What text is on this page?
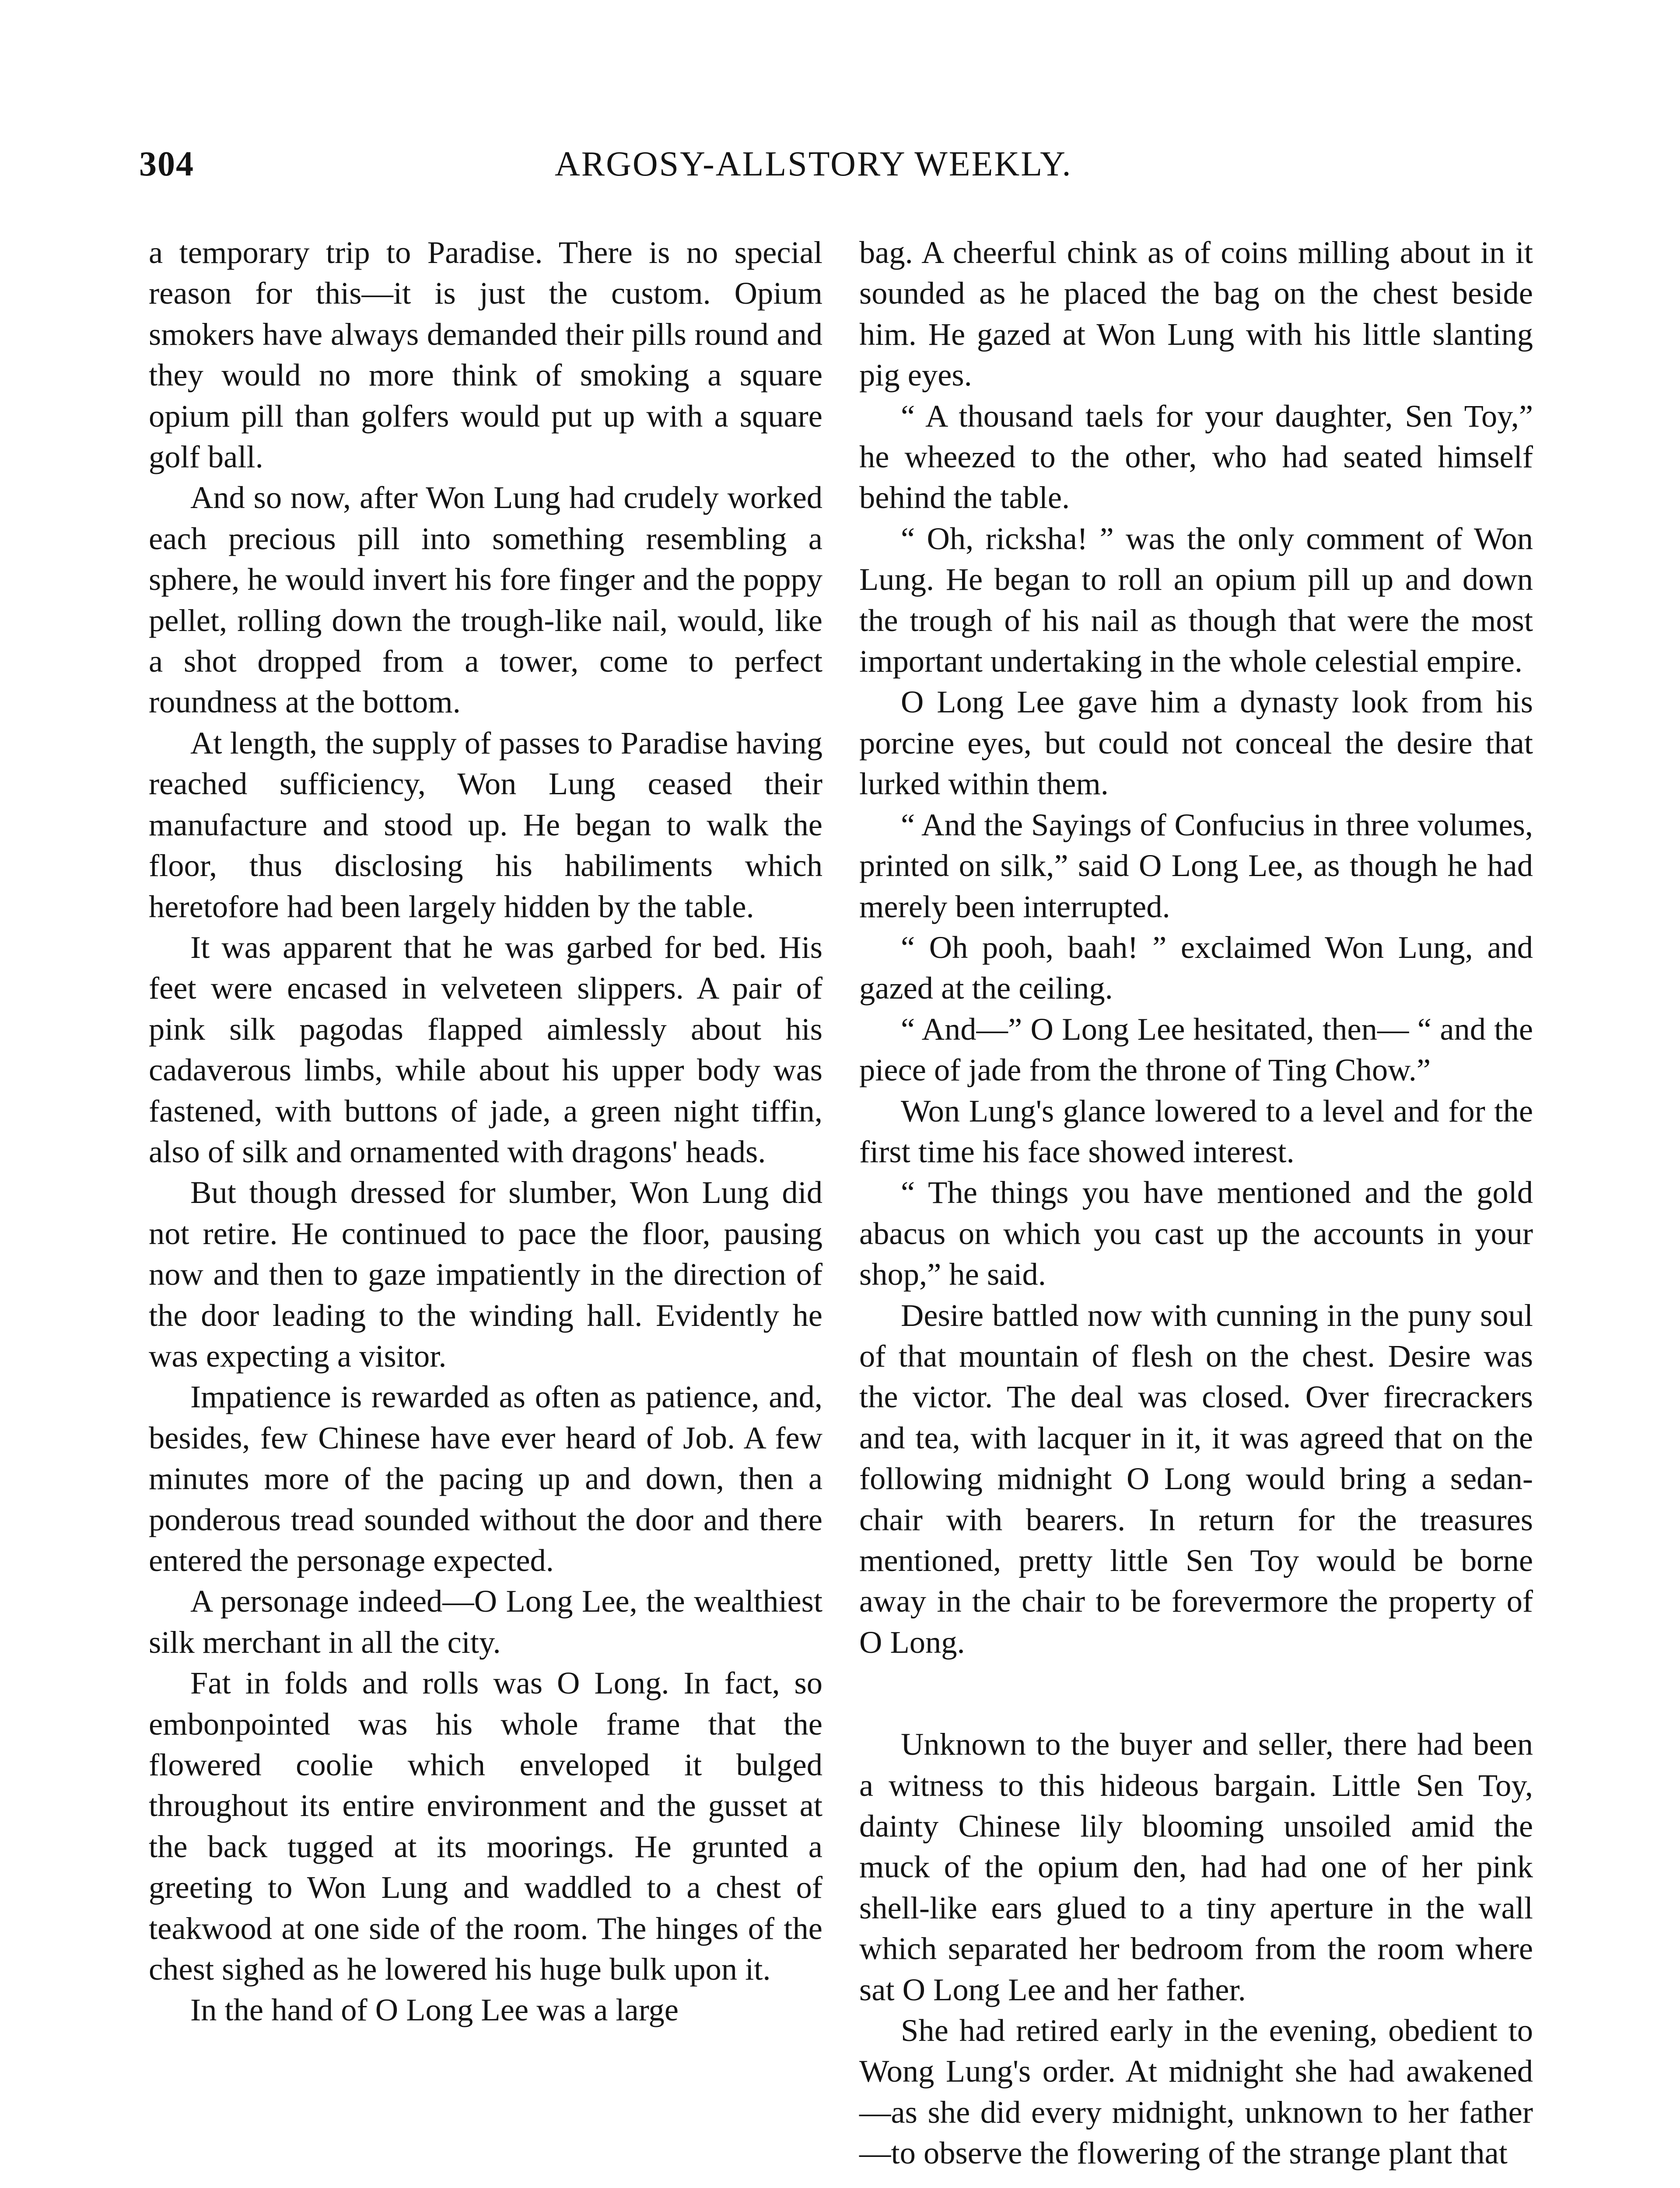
304	ARGOSY-ALLSTORY WEEKLY.

a temporary trip to Paradise. There is no special reason for this—it is just the custom. Opium smokers have always demanded their pills round and they would no more think of smoking a square opium pill than golfers would put up with a square golf ball.

And so now, after Won Lung had crudely worked each precious pill into something resembling a sphere, he would invert his fore finger and the poppy pellet, rolling down the trough-like nail, would, like a shot dropped from a tower, come to perfect roundness at the bottom.

At length, the supply of passes to Paradise having reached sufficiency, Won Lung ceased their manufacture and stood up. He began to walk the floor, thus disclosing his habiliments which heretofore had been largely hidden by the table.

It was apparent that he was garbed for bed. His feet were encased in velveteen slippers. A pair of pink silk pagodas flapped aimlessly about his cadaverous limbs, while about his upper body was fastened, with buttons of jade, a green night tiffin, also of silk and ornamented with dragons' heads.

But though dressed for slumber, Won Lung did not retire. He continued to pace the floor, pausing now and then to gaze impatiently in the direction of the door leading to the winding hall. Evidently he was expecting a visitor.

Impatience is rewarded as often as patience, and, besides, few Chinese have ever heard of Job. A few minutes more of the pacing up and down, then a ponderous tread sounded without the door and there entered the personage expected.

A personage indeed—O Long Lee, the wealthiest silk merchant in all the city.

Fat in folds and rolls was O Long. In fact, so embonpointed was his whole frame that the flowered coolie which enveloped it bulged throughout its entire environment and the gusset at the back tugged at its moorings. He grunted a greeting to Won Lung and waddled to a chest of teakwood at one side of the room. The hinges of the chest sighed as he lowered his huge bulk upon it.

In the hand of O Long Lee was a large

bag. A cheerful chink as of coins milling about in it sounded as he placed the bag on the chest beside him. He gazed at Won Lung with his little slanting pig eyes.

“ A thousand taels for your daughter, Sen Toy,” he wheezed to the other, who had seated himself behind the table.

“ Oh, ricksha! ” was the only comment of Won Lung. He began to roll an opium pill up and down the trough of his nail as though that were the most important undertaking in the whole celestial empire.

O Long Lee gave him a dynasty look from his porcine eyes, but could not conceal the desire that lurked within them.

“ And the Sayings of Confucius in three volumes, printed on silk,” said O Long Lee, as though he had merely been interrupted.

“ Oh pooh, baah! ” exclaimed Won Lung, and gazed at the ceiling.

“ And—” O Long Lee hesitated, then— “ and the piece of jade from the throne of Ting Chow.”

Won Lung's glance lowered to a level and for the first time his face showed interest.

“ The things you have mentioned and the gold abacus on which you cast up the accounts in your shop,” he said.

Desire battled now with cunning in the puny soul of that mountain of flesh on the chest. Desire was the victor. The deal was closed. Over firecrackers and tea, with lacquer in it, it was agreed that on the following midnight O Long would bring a sedan-chair with bearers. In return for the treasures mentioned, pretty little Sen Toy would be borne away in the chair to be forevermore the property of O Long.

Unknown to the buyer and seller, there had been a witness to this hideous bargain. Little Sen Toy, dainty Chinese lily blooming unsoiled amid the muck of the opium den, had had one of her pink shell-like ears glued to a tiny aperture in the wall which separated her bedroom from the room where sat O Long Lee and her father.

She had retired early in the evening, obedient to Wong Lung's order. At midnight she had awakened—as she did every midnight, unknown to her father—to observe the flowering of the strange plant that
